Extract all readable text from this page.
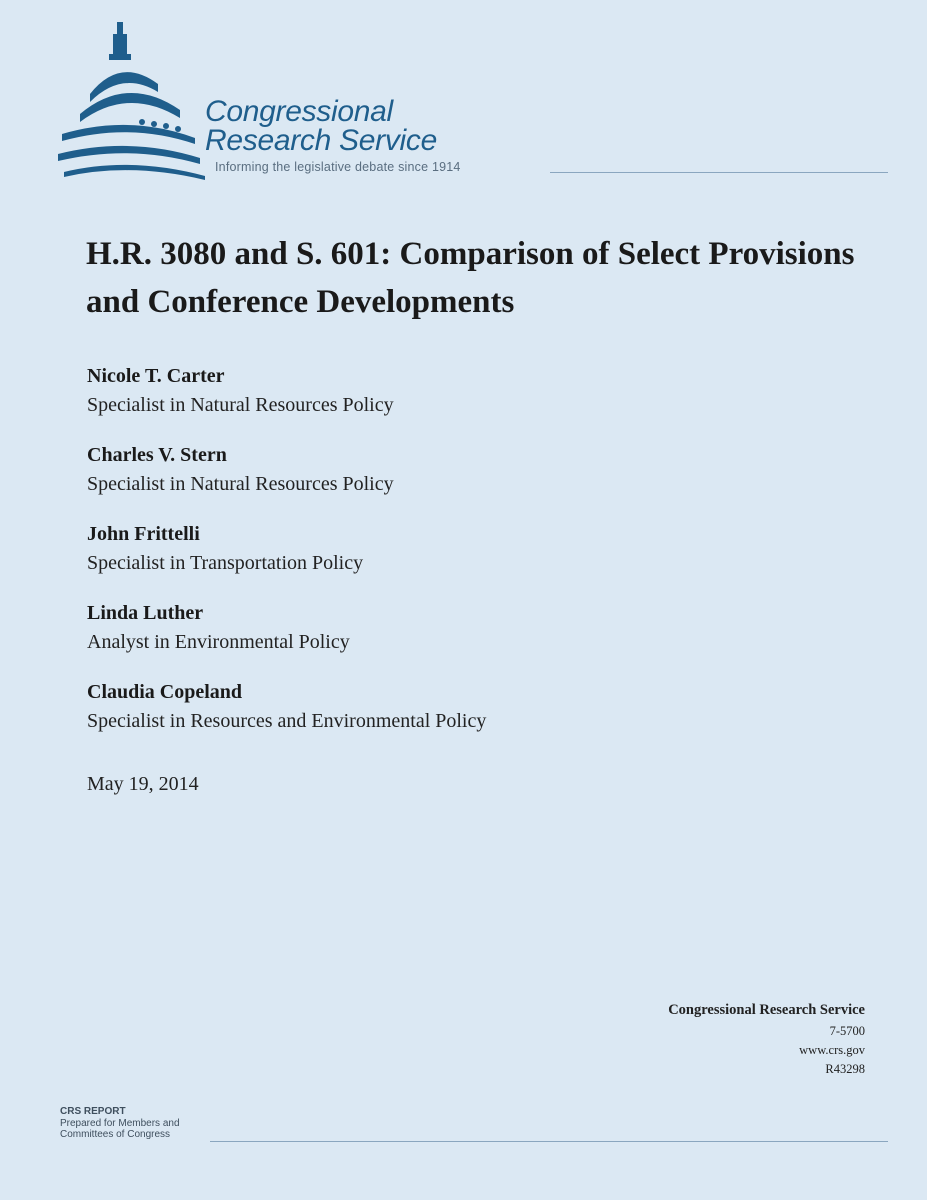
Congressional
Research Service
Informing the legislative debate since 1914
H.R. 3080 and S. 601: Comparison of Select Provisions and Conference Developments
Nicole T. Carter
Specialist in Natural Resources Policy
Charles V. Stern
Specialist in Natural Resources Policy
John Frittelli
Specialist in Transportation Policy
Linda Luther
Analyst in Environmental Policy
Claudia Copeland
Specialist in Resources and Environmental Policy
May 19, 2014
Congressional Research Service
7-5700
www.crs.gov
R43298
CRS REPORT
Prepared for Members and
Committees of Congress
